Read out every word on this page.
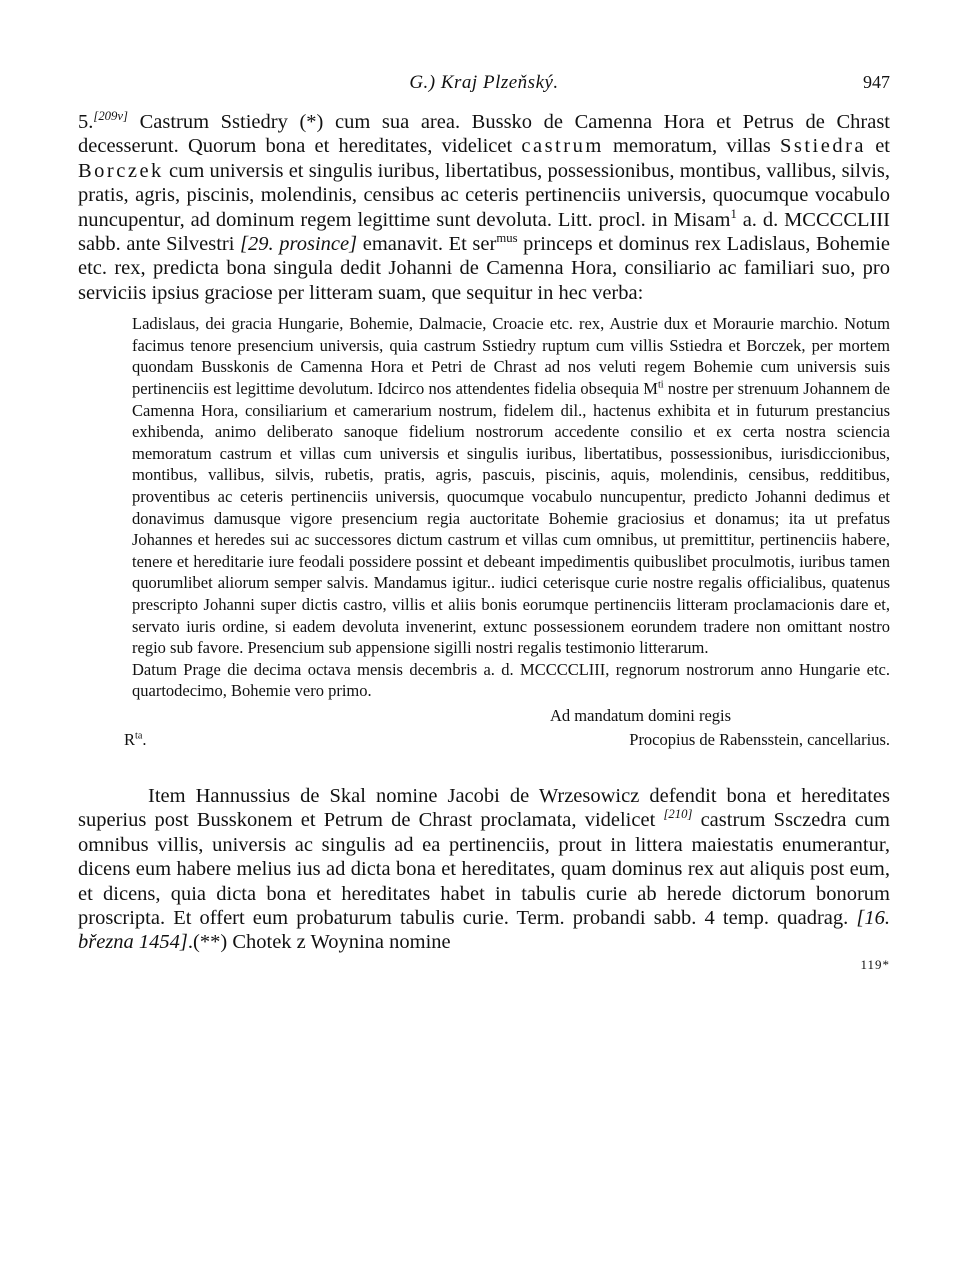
G.) Kraj Plzeňský.	947

5.[209v] Castrum Sstiedry (*) cum sua area. Bussko de Camenna Hora et Petrus de Chrast decesserunt. Quorum bona et hereditates, videlicet castrum memoratum, villas Sstiedra et Borczek cum universis et singulis iuribus, libertatibus, possessionibus, montibus, vallibus, silvis, pratis, agris, piscinis, molendinis, censibus ac ceteris pertinenciis universis, quocumque vocabulo nuncupentur, ad dominum regem legittime sunt devoluta. Litt. procl. in Misam$^1$ a. d. MCCCCLIII sabb. ante Silvestri [29. prosince] emanavit. Et ser$^{mus}$ princeps et dominus rex Ladislaus, Bohemie etc. rex, predicta bona singula dedit Johanni de Camenna Hora, consiliario ac familiari suo, pro serviciis ipsius graciose per litteram suam, que sequitur in hec verba:

Ladislaus, dei gracia Hungarie, Bohemie, Dalmacie, Croacie etc. rex, Austrie dux et Moraurie marchio. Notum facimus tenore presencium universis, quia castrum Sstiedry ruptum cum villis Sstiedra et Borczek, per mortem quondam Busskonis de Camenna Hora et Petri de Chrast ad nos veluti regem Bohemie cum universis suis pertinenciis est legittime devolutum. Idcirco nos attendentes fidelia obsequia $M^{ti}$ nostre per strenuum Johannem de Camenna Hora, consiliarium et camerarium nostrum, fidelem dil., hactenus exhibita et in futurum prestancius exhibenda, animo deliberato sanoque fidelium nostrorum accedente consilio et ex certa nostra sciencia memoratum castrum et villas cum universis et singulis iuribus, libertatibus, possessionibus, iurisdiccionibus, montibus, vallibus, silvis, rubetis, pratis, agris, pascuis, piscinis, aquis, molendinis, censibus, redditibus, proventibus ac ceteris pertinenciis universis, quocumque vocabulo nuncupentur, predicto Johanni dedimus et donavimus damusque vigore presencium regia auctoritate Bohemie graciosius et donamus; ita ut prefatus Johannes et heredes sui ac successores dictum castrum et villas cum omnibus, ut premittitur, pertinenciis habere, tenere et hereditarie iure feodali possidere possint et debeant impedimentis quibuslibet proculmotis, iuribus tamen quorumlibet aliorum semper salvis. Mandamus igitur.. iudici ceterisque curie nostre regalis officialibus, quatenus prescripto Johanni super dictis castro, villis et aliis bonis eorumque pertinenciis litteram proclamacionis dare et, servato iuris ordine, si eadem devoluta invenerint, extunc possessionem eorundem tradere non omittant nostro regio sub favore. Presencium sub appensione sigilli nostri regalis testimonio litterarum.

Datum Prage die decima octava mensis decembris a. d. MCCCCLIII, regnorum nostrorum anno Hungarie etc. quartodecimo, Bohemie vero primo.

Ad mandatum domini regis
$R^{ta}$.	Procopius de Rabensstein, cancellarius.

Item Hannussius de Skal nomine Jacobi de Wrzesowicz defendit bona et hereditates superius post Busskonem et Petrum de Chrast proclamata, videlicet [210] castrum Ssczedra cum omnibus villis, universis ac singulis ad ea pertinenciis, prout in littera maiestatis enumerantur, dicens eum habere melius ius ad dicta bona et hereditates, quam dominus rex aut aliquis post eum, et dicens, quia dicta bona et hereditates habet in tabulis curie ab herede dictorum bonorum proscripta. Et offert eum probaturum tabulis curie. Term. probandi sabb. 4 temp. quadrag. [16. března 1454].(**) Chotek z Woynina nomine

119*
